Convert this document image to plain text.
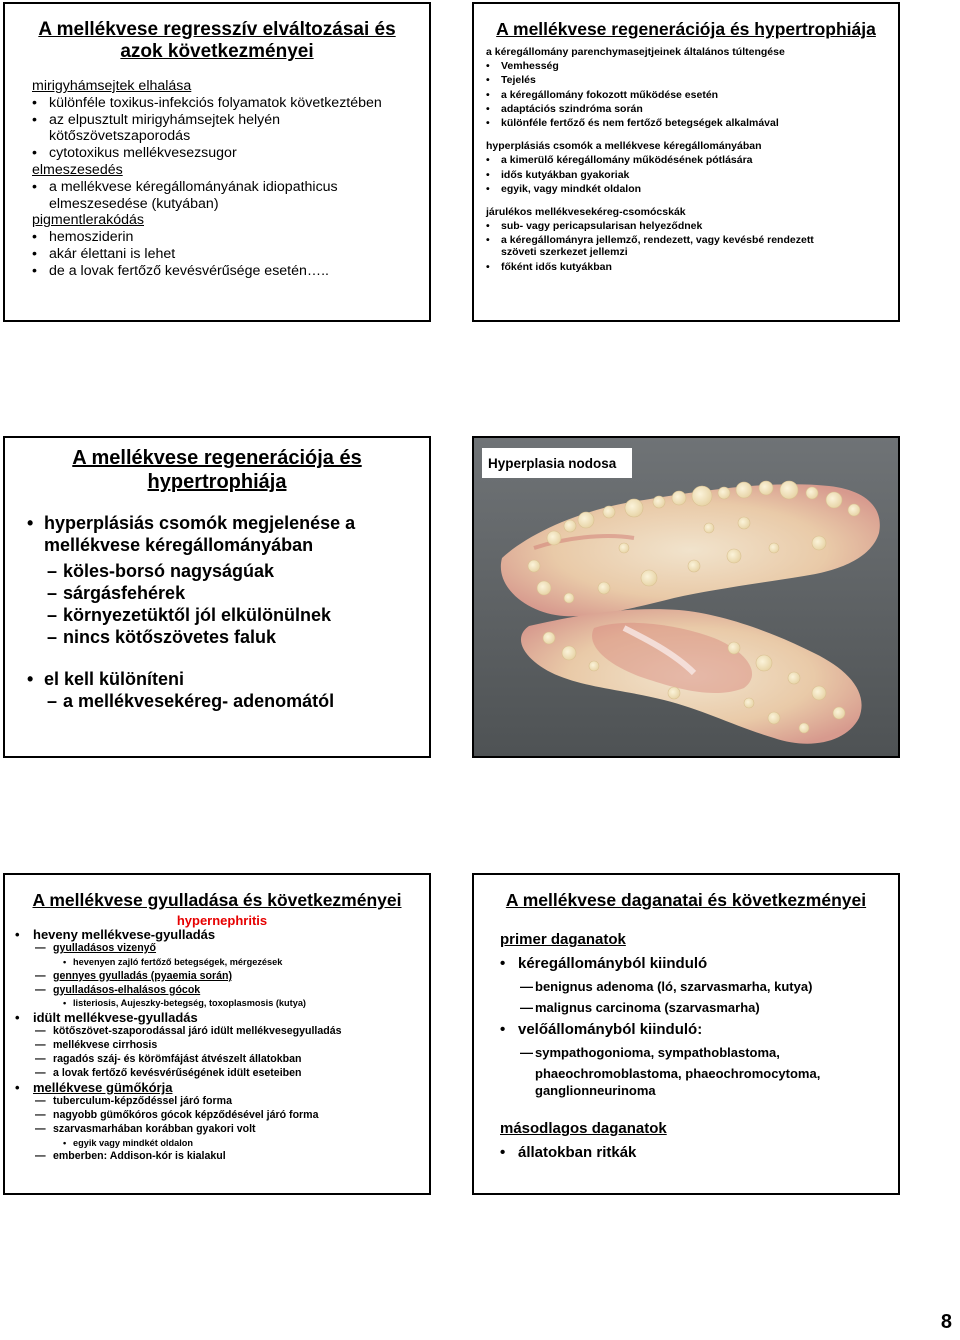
A mellékvese regresszív elváltozásai és
azok következményei
mirigyhámsejtek elhalása
• különféle toxikus-infekciós folyamatok következtében
• az elpusztult mirigyhámsejtek helyén
kötőszövetszaporodás
• cytotoxikus mellékvesezsugor
elmeszesedés
• a mellékvese kéregállományának idiopathicus
elmeszesedése (kutyában)
pigmentlerakódás
• hemosziderin
• akár élettani is lehet
• de a lovak fertőző kevésvérűsége esetén…..
A mellékvese regenerációja és hypertrophiája
a kéregállomány parenchymasejtjeinek általános túltengése
• Vemhesség
• Tejelés
• a kéregállomány fokozott működése esetén
• adaptációs szindróma során
• különféle fertőző és nem fertőző betegségek alkalmával
hyperplásiás csomók a mellékvese kéregállományában
• a kimerülő kéregállomány működésének pótlására
• idős kutyákban gyakoriak
• egyik, vagy mindkét oldalon
járulékos mellékvesekéreg-csomócskák
• sub- vagy pericapsularisan helyeződnek
• a kéregállományra jellemző, rendezett, vagy kevésbé rendezett
szöveti szerkezet jellemzi
• főként idős kutyákban
A mellékvese regenerációja és
hypertrophiája
• hyperplásiás csomók megjelenése a
mellékvese kéregállományában
– köles-borsó nagyságúak
– sárgásfehérek
– környezetüktől jól elkülönülnek
– nincs kötőszövetes faluk
• el kell különíteni
– a mellékvesekéreg- adenomától
Hyperplasia nodosa
A mellékvese gyulladása és következményei
hypernephritis
• heveny mellékvese-gyulladás
— gyulladásos vizenyő
• hevenyen zajló fertőző betegségek, mérgezések
— gennyes gyulladás (pyaemia során)
— gyulladásos-elhalásos gócok
• listeriosis, Aujeszky-betegség, toxoplasmosis (kutya)
• idült mellékvese-gyulladás
— kötőszövet-szaporodással járó idült mellékvesegyulladás
— mellékvese cirrhosis
— ragadós száj- és körömfájást átvészelt állatokban
— a lovak fertőző kevésvérűségének idült eseteiben
• mellékvese gümőkórja
— tuberculum-képződéssel járó forma
— nagyobb gümőkóros gócok képződésével járó forma
— szarvasmarhában korábban gyakori volt
• egyik vagy mindkét oldalon
— emberben: Addison-kór is kialakul
A mellékvese daganatai és következményei
primer daganatok
• kéregállományból kiinduló
— benignus adenoma (ló, szarvasmarha, kutya)
— malignus carcinoma (szarvasmarha)
• velőállományból kiinduló:
— sympathogonioma, sympathoblastoma,
phaeochromoblastoma, phaeochromocytoma,
ganglionneurinoma
másodlagos daganatok
• állatokban ritkák
8
